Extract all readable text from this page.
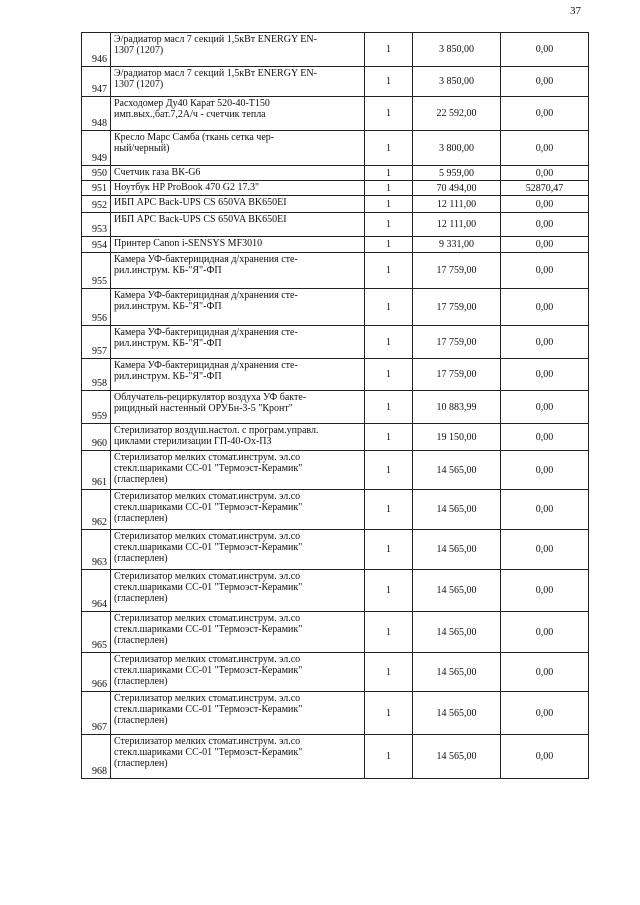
37
946	Э/радиатор масл 7 секций 1,5кВт ENERGY EN-
1307 (1207)	1	3 850,00	0,00
947	Э/радиатор масл 7 секций 1,5кВт ENERGY EN-
1307 (1207)	1	3 850,00	0,00
948	Расходомер Ду40 Карат 520-40-Т150
имп.вых.,бат.7,2А/ч - счетчик тепла	1	22 592,00	0,00
949	Кресло Марс Самба (ткань сетка чер-
ный/черный)	1	3 800,00	0,00
950	Счетчик газа ВК-G6	1	5 959,00	0,00
951	Ноутбук HP ProBook 470 G2 17.3"	1	70 494,00	52870,47
952	ИБП APC Back-UPS CS 650VA BK650EI	1	12 111,00	0,00
953	ИБП APC Back-UPS CS 650VA BK650EI	1	12 111,00	0,00
954	Принтер Canon i-SENSYS MF3010	1	9 331,00	0,00
955	Камера УФ-бактерицидная д/хранения сте-
рил.инструм. КБ-"Я"-ФП	1	17 759,00	0,00
956	Камера УФ-бактерицидная д/хранения сте-
рил.инструм. КБ-"Я"-ФП	1	17 759,00	0,00
957	Камера УФ-бактерицидная д/хранения сте-
рил.инструм. КБ-"Я"-ФП	1	17 759,00	0,00
958	Камера УФ-бактерицидная д/хранения сте-
рил.инструм. КБ-"Я"-ФП	1	17 759,00	0,00
959	Облучатель-рециркулятор воздуха УФ бакте-
рицидный настенный ОРУБн-3-5 "Кронт"	1	10 883,99	0,00
960	Стерилизатор воздуш.настол. с програм.управл.
циклами стерилизации ГП-40-Ох-ПЗ	1	19 150,00	0,00
961	Стерилизатор мелких стомат.инструм. эл.со
стекл.шариками СС-01 "Термоэст-Керамик"
(гласперлен)	1	14 565,00	0,00
962	Стерилизатор мелких стомат.инструм. эл.со
стекл.шариками СС-01 "Термоэст-Керамик"
(гласперлен)	1	14 565,00	0,00
963	Стерилизатор мелких стомат.инструм. эл.со
стекл.шариками СС-01 "Термоэст-Керамик"
(гласперлен)	1	14 565,00	0,00
964	Стерилизатор мелких стомат.инструм. эл.со
стекл.шариками СС-01 "Термоэст-Керамик"
(гласперлен)	1	14 565,00	0,00
965	Стерилизатор мелких стомат.инструм. эл.со
стекл.шариками СС-01 "Термоэст-Керамик"
(гласперлен)	1	14 565,00	0,00
966	Стерилизатор мелких стомат.инструм. эл.со
стекл.шариками СС-01 "Термоэст-Керамик"
(гласперлен)	1	14 565,00	0,00
967	Стерилизатор мелких стомат.инструм. эл.со
стекл.шариками СС-01 "Термоэст-Керамик"
(гласперлен)	1	14 565,00	0,00
968	Стерилизатор мелких стомат.инструм. эл.со
стекл.шариками СС-01 "Термоэст-Керамик"
(гласперлен)	1	14 565,00	0,00
